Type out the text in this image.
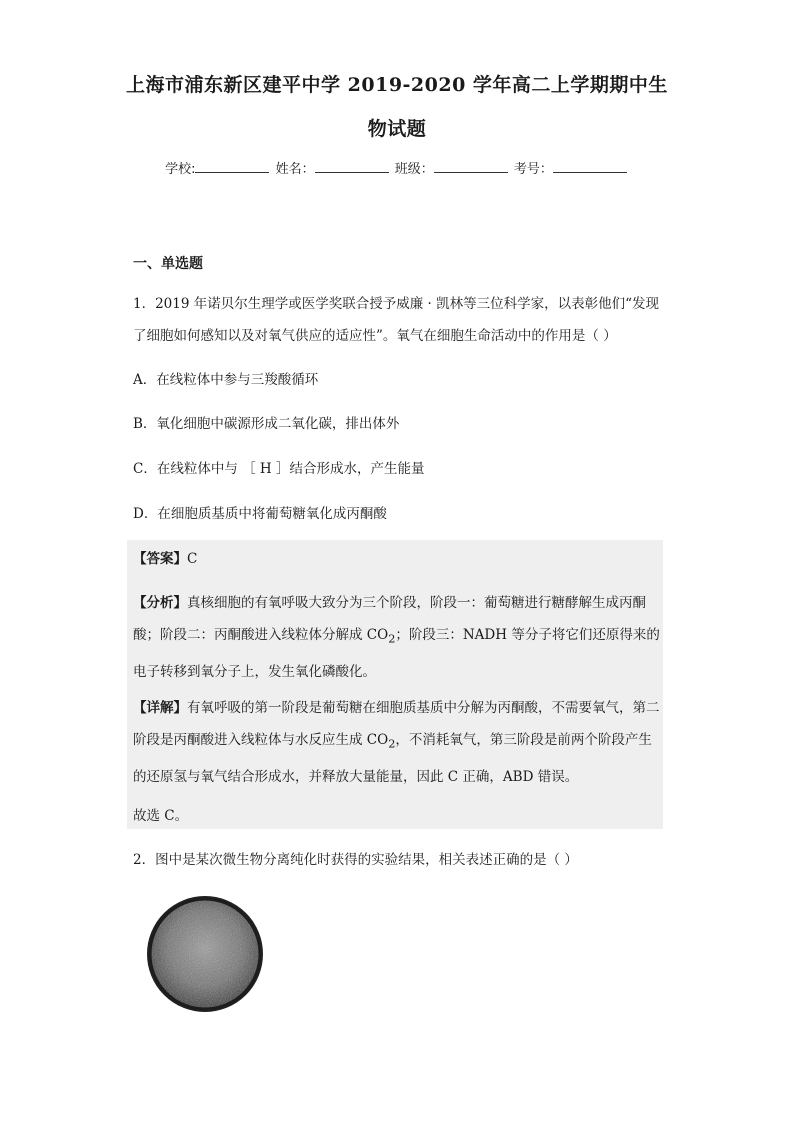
上海市浦东新区建平中学 2019-2020 学年高二上学期期中生
物试题
学校:	姓名：	班级：	考号：
一、单选题
1．2019 年诺贝尔生理学或医学奖联合授予威廉 · 凯林等三位科学家，以表彰他们“发现了细胞如何感知以及对氧气供应的适应性”。氧气在细胞生命活动中的作用是（ ）
A．在线粒体中参与三羧酸循环
B．氧化细胞中碳源形成二氧化碳，排出体外
C．在线粒体中与 ［ H ］结合形成水，产生能量
D．在细胞质基质中将葡萄糖氧化成丙酮酸
【答案】C
【分析】真核细胞的有氧呼吸大致分为三个阶段，阶段一：葡萄糖进行糖酵解生成丙酮酸；阶段二：丙酮酸进入线粒体分解成 $CO_2$；阶段三：NADH 等分子将它们还原得来的电子转移到氧分子上，发生氧化磷酸化。
【详解】有氧呼吸的第一阶段是葡萄糖在细胞质基质中分解为丙酮酸，不需要氧气，第二阶段是丙酮酸进入线粒体与水反应生成 $CO_2$，不消耗氧气，第三阶段是前两个阶段产生的还原氢与氧气结合形成水，并释放大量能量，因此 C 正确，ABD 错误。
故选 C。
2．图中是某次微生物分离纯化时获得的实验结果，相关表述正确的是（ ）
